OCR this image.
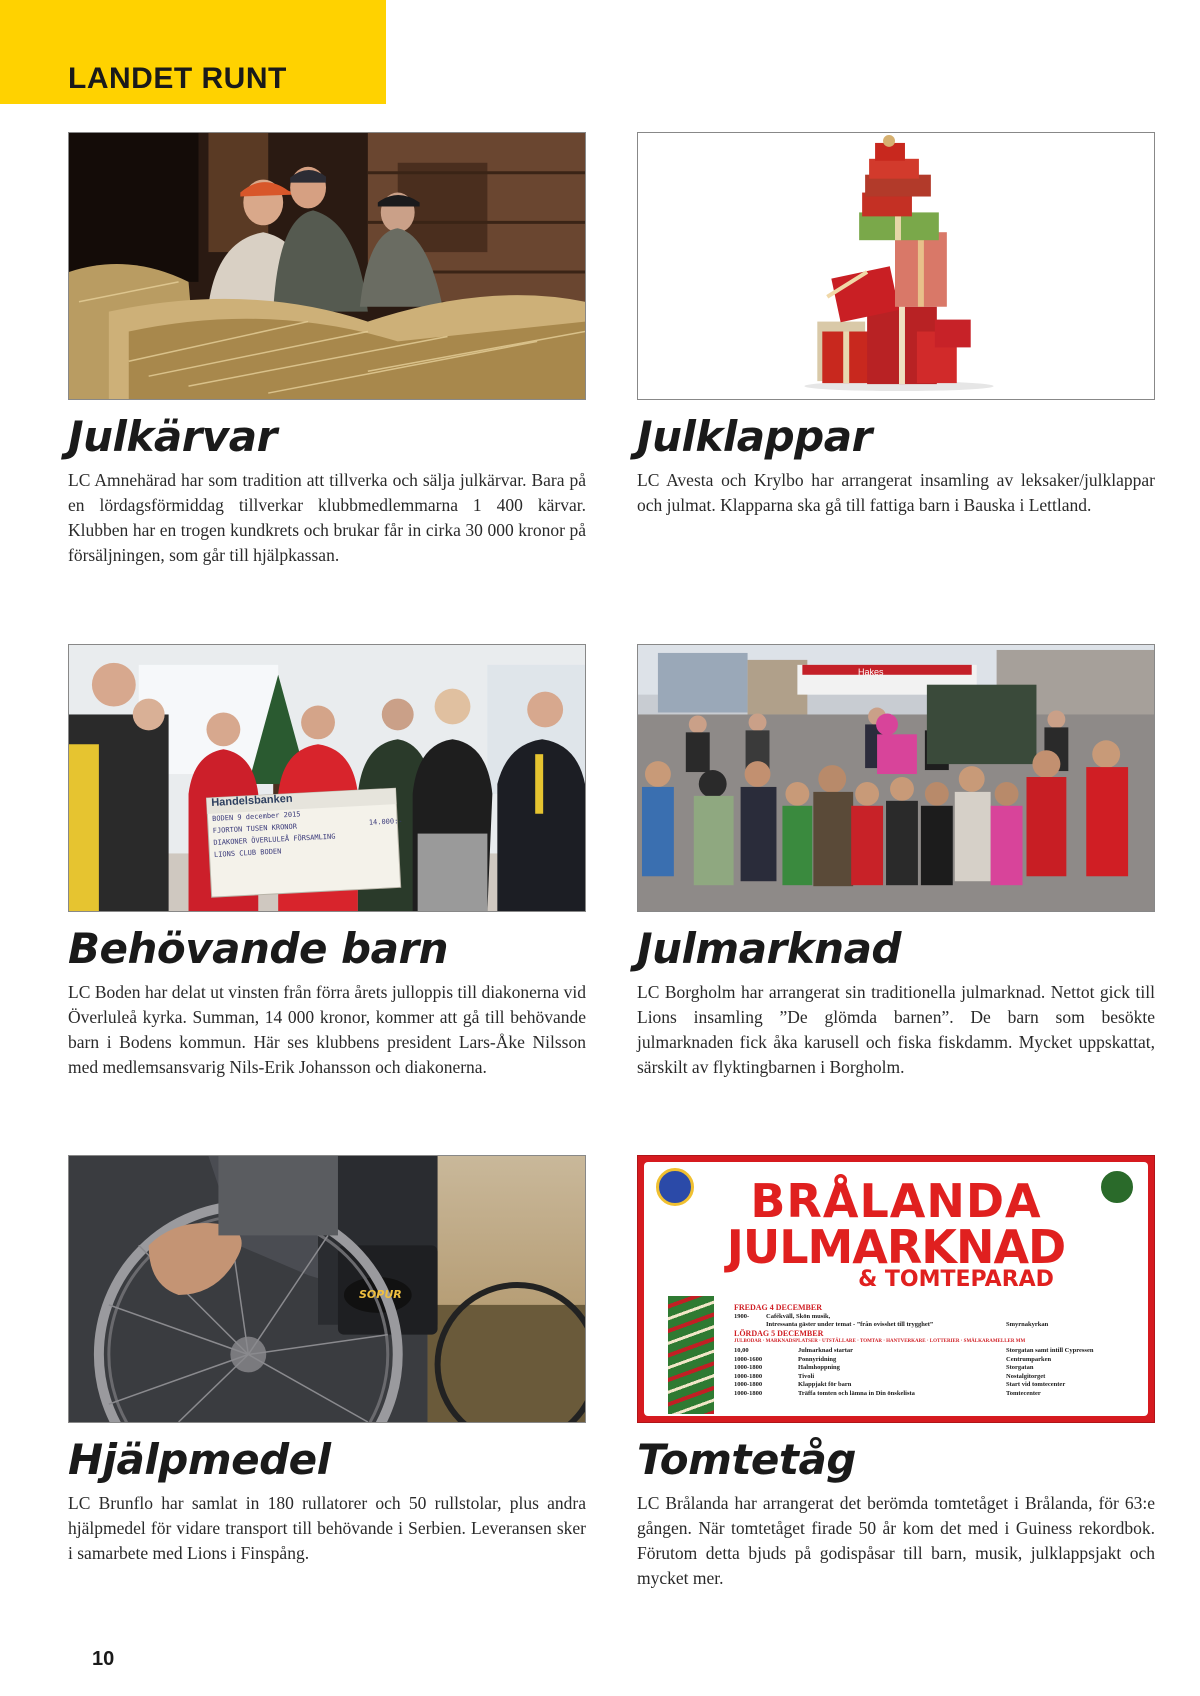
LANDET RUNT
Julkärvar
LC Amnehärad har som tradition att tillverka och sälja julkärvar. Bara på en lördagsförmiddag tillverkar klubbmedlemmarna 1 400 kärvar. Klubben har en trogen kundkrets och brukar får in cirka 30 000 kronor på försäljningen, som går till hjälpkassan.
Julklappar
LC Avesta och Krylbo har arrangerat insamling av leksaker/julklappar och julmat. Klapparna ska gå till fattiga barn i Bauska i Lettland.
Handelsbanken
BODEN 9 december 2015
FJORTON TUSEN KRONOR
14.000:-
DIAKONER ÖVERLULEÅ FÖRSAMLING
LIONS CLUB BODEN
Behövande barn
LC Boden har delat ut vinsten från förra årets julloppis till diakonerna vid Överluleå kyrka. Summan, 14 000 kronor, kommer att gå till behövande barn i Bodens kommun. Här ses klubbens president Lars-Åke Nilsson med medlemsansvarig Nils-Erik Johansson och diakonerna.
Hakes
Julmarknad
LC Borgholm har arrangerat sin traditionella julmarknad. Nettot gick till Lions insamling ”De glömda barnen”. De barn som besökte julmarknaden fick åka karusell och fiska fiskdamm. Mycket uppskattat, särskilt av flyktingbarnen i Borgholm.
SOPUR
Hjälpmedel
LC Brunflo har samlat in 180 rullatorer och 50 rullstolar, plus andra hjälpmedel för vidare transport till behövande i Serbien. Leveransen sker i samarbete med Lions i Finspång.
BRÅLANDA
JULMARKNAD
& TOMTEPARAD
FREDAG 4 DECEMBER
1900-	Cafékväll, Skön musik,
Intressanta gäster under temat - ”från ovisshet till trygghet”	Smyrnakyrkan
LÖRDAG 5 DECEMBER
JULBODAR · MARKNADSPLATSER · UTSTÄLLARE · TOMTAR · HANTVERKARE · LOTTERIER · SMÅLKARAMELLER MM
10,00	Julmarknad startar	Storgatan samt intill Cypressen
1000-1600	Ponnyridning	Centrumparken
1000-1800	Halmhoppning	Storgatan
1000-1800	Tivoli	Nostalgitorget
1000-1800	Klappjakt för barn	Start vid tomtecenter
1000-1800	Träffa tomten och lämna in Din önskelista	Tomtecenter
Tomtetåg
LC Brålanda har arrangerat det berömda tomtetåget i Brålanda, för 63:e gången. När tomtetåget firade 50 år kom det med i Guiness rekordbok. Förutom detta bjuds på godispåsar till barn, musik, julklappsjakt och mycket mer.
10
